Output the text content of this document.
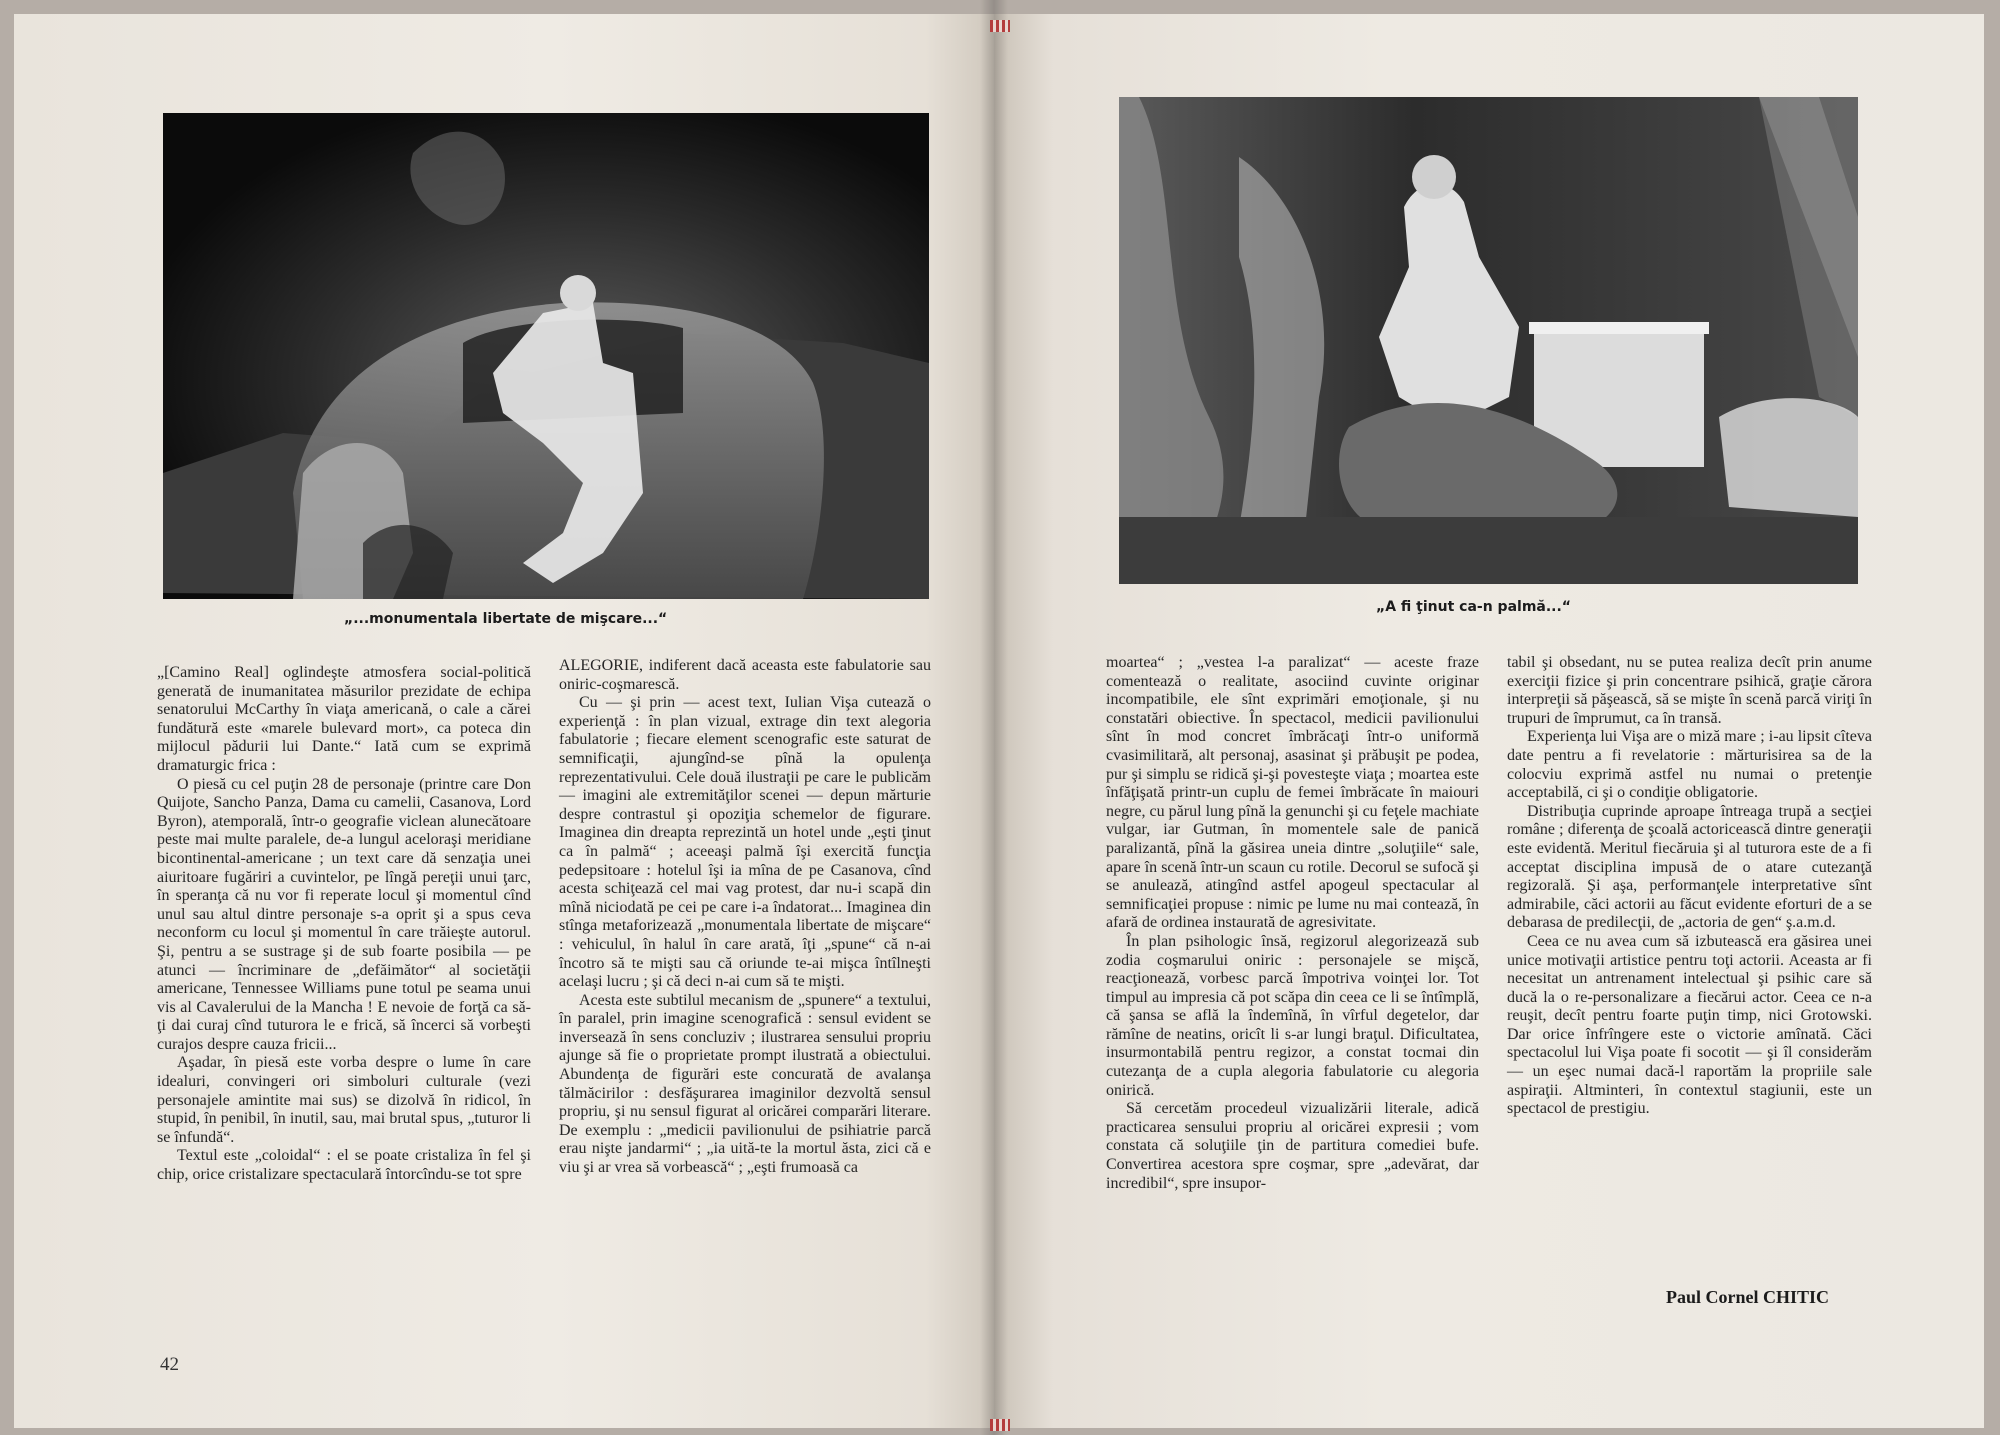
„...monumentala libertate de mişcare...“

„[Camino Real] oglindeşte atmosfera social-politică generată de inumanitatea măsurilor prezidate de echipa senatorului McCarthy în viaţa americană, o cale a cărei fundătură este «marele bulevard mort», ca poteca din mijlocul pădurii lui Dante.“ Iată cum se exprimă dramaturgic frica :

O piesă cu cel puţin 28 de personaje (printre care Don Quijote, Sancho Panza, Dama cu camelii, Casanova, Lord Byron), atemporală, într-o geografie viclean alunecătoare peste mai multe paralele, de-a lungul aceloraşi meridiane bicontinental-americane ; un text care dă senzaţia unei aiuritoare fugăriri a cuvintelor, pe lîngă pereţii unui ţarc, în speranţa că nu vor fi reperate locul şi momentul cînd unul sau altul dintre personaje s-a oprit şi a spus ceva neconform cu locul şi momentul în care trăieşte autorul. Şi, pentru a se sustrage şi de sub foarte posibila — pe atunci — încriminare de „defăimător“ al societăţii americane, Tennessee Williams pune totul pe seama unui vis al Cavalerului de la Mancha ! E nevoie de forţă ca să-ţi dai curaj cînd tuturora le e frică, să încerci să vorbeşti curajos despre cauza fricii...

Aşadar, în piesă este vorba despre o lume în care idealuri, convingeri ori simboluri culturale (vezi personajele amintite mai sus) se dizolvă în ridicol, în stupid, în penibil, în inutil, sau, mai brutal spus, „tuturor li se înfundă“.

Textul este „coloidal“ : el se poate cristaliza în fel şi chip, orice cristalizare spectaculară întorcîndu-se tot spre

ALEGORIE, indiferent dacă aceasta este fabulatorie sau oniric-coşmarescă.

Cu — şi prin — acest text, Iulian Vişa cutează o experienţă : în plan vizual, extrage din text alegoria fabulatorie ; fiecare element scenografic este saturat de semnificaţii, ajungînd-se pînă la opulenţa reprezentativului. Cele două ilustraţii pe care le publicăm — imagini ale extremităţilor scenei — depun mărturie despre contrastul şi opoziţia schemelor de figurare. Imaginea din dreapta reprezintă un hotel unde „eşti ţinut ca în palmă“ ; aceeaşi palmă îşi exercită funcţia pedepsitoare : hotelul îşi ia mîna de pe Casanova, cînd acesta schiţează cel mai vag protest, dar nu-i scapă din mînă niciodată pe cei pe care i-a îndatorat... Imaginea din stînga metaforizează „monumentala libertate de mişcare“ : vehiculul, în halul în care arată, îţi „spune“ că n-ai încotro să te mişti sau că oriunde te-ai mişca întîlneşti acelaşi lucru ; şi că deci n-ai cum să te mişti.

Acesta este subtilul mecanism de „spunere“ a textului, în paralel, prin imagine scenografică : sensul evident se inversează în sens concluziv ; ilustrarea sensului propriu ajunge să fie o proprietate prompt ilustrată a obiectului. Abundenţa de figurări este concurată de avalanşa tălmăcirilor : desfăşurarea imaginilor dezvoltă sensul propriu, şi nu sensul figurat al oricărei comparări literare. De exemplu : „medicii pavilionului de psihiatrie parcă erau nişte jandarmi“ ; „ia uită-te la mortul ăsta, zici că e viu şi ar vrea să vorbească“ ; „eşti frumoasă ca

42
„A fi ţinut ca-n palmă...“

moartea“ ; „vestea l-a paralizat“ — aceste fraze comentează o realitate, asociind cuvinte originar incompatibile, ele sînt exprimări emoţionale, şi nu constatări obiective. În spectacol, medicii pavilionului sînt în mod concret îmbrăcaţi într-o uniformă cvasimilitară, alt personaj, asasinat şi prăbuşit pe podea, pur şi simplu se ridică şi-şi povesteşte viaţa ; moartea este înfăţişată printr-un cuplu de femei îmbrăcate în maiouri negre, cu părul lung pînă la genunchi şi cu feţele machiate vulgar, iar Gutman, în momentele sale de panică paralizantă, pînă la găsirea uneia dintre „soluţiile“ sale, apare în scenă într-un scaun cu rotile. Decorul se sufocă şi se anulează, atingînd astfel apogeul spectacular al semnificaţiei propuse : nimic pe lume nu mai contează, în afară de ordinea instaurată de agresivitate.

În plan psihologic însă, regizorul alegorizează sub zodia coşmarului oniric : personajele se mişcă, reacţionează, vorbesc parcă împotriva voinţei lor. Tot timpul au impresia că pot scăpa din ceea ce li se întîmplă, că şansa se află la îndemînă, în vîrful degetelor, dar rămîne de neatins, oricît li s-ar lungi braţul. Dificultatea, insurmontabilă pentru regizor, a constat tocmai din cutezanţa de a cupla alegoria fabulatorie cu alegoria onirică.

Să cercetăm procedeul vizualizării literale, adică practicarea sensului propriu al oricărei expresii ; vom constata că soluţiile ţin de partitura comediei bufe. Convertirea acestora spre coşmar, spre „adevărat, dar incredibil“, spre insupor-

tabil şi obsedant, nu se putea realiza decît prin anume exerciţii fizice şi prin concentrare psihică, graţie cărora interpreţii să păşească, să se mişte în scenă parcă viriţi în trupuri de împrumut, ca în transă.

Experienţa lui Vişa are o miză mare ; i-au lipsit cîteva date pentru a fi revelatorie : mărturisirea sa de la colocviu exprimă astfel nu numai o pretenţie acceptabilă, ci şi o condiţie obligatorie.

Distribuţia cuprinde aproape întreaga trupă a secţiei române ; diferenţa de şcoală actoricească dintre generaţii este evidentă. Meritul fiecăruia şi al tuturora este de a fi acceptat disciplina impusă de o atare cutezanţă regizorală. Şi aşa, performanţele interpretative sînt admirabile, căci actorii au făcut evidente eforturi de a se debarasa de predilecţii, de „actoria de gen“ ş.a.m.d.

Ceea ce nu avea cum să izbutească era găsirea unei unice motivaţii artistice pentru toţi actorii. Aceasta ar fi necesitat un antrenament intelectual şi psihic care să ducă la o re-personalizare a fiecărui actor. Ceea ce n-a reuşit, decît pentru foarte puţin timp, nici Grotowski. Dar orice înfrîngere este o victorie amînată. Căci spectacolul lui Vişa poate fi socotit — şi îl considerăm — un eşec numai dacă-l raportăm la propriile sale aspiraţii. Altminteri, în contextul stagiunii, este un spectacol de prestigiu.

Paul Cornel CHITIC
